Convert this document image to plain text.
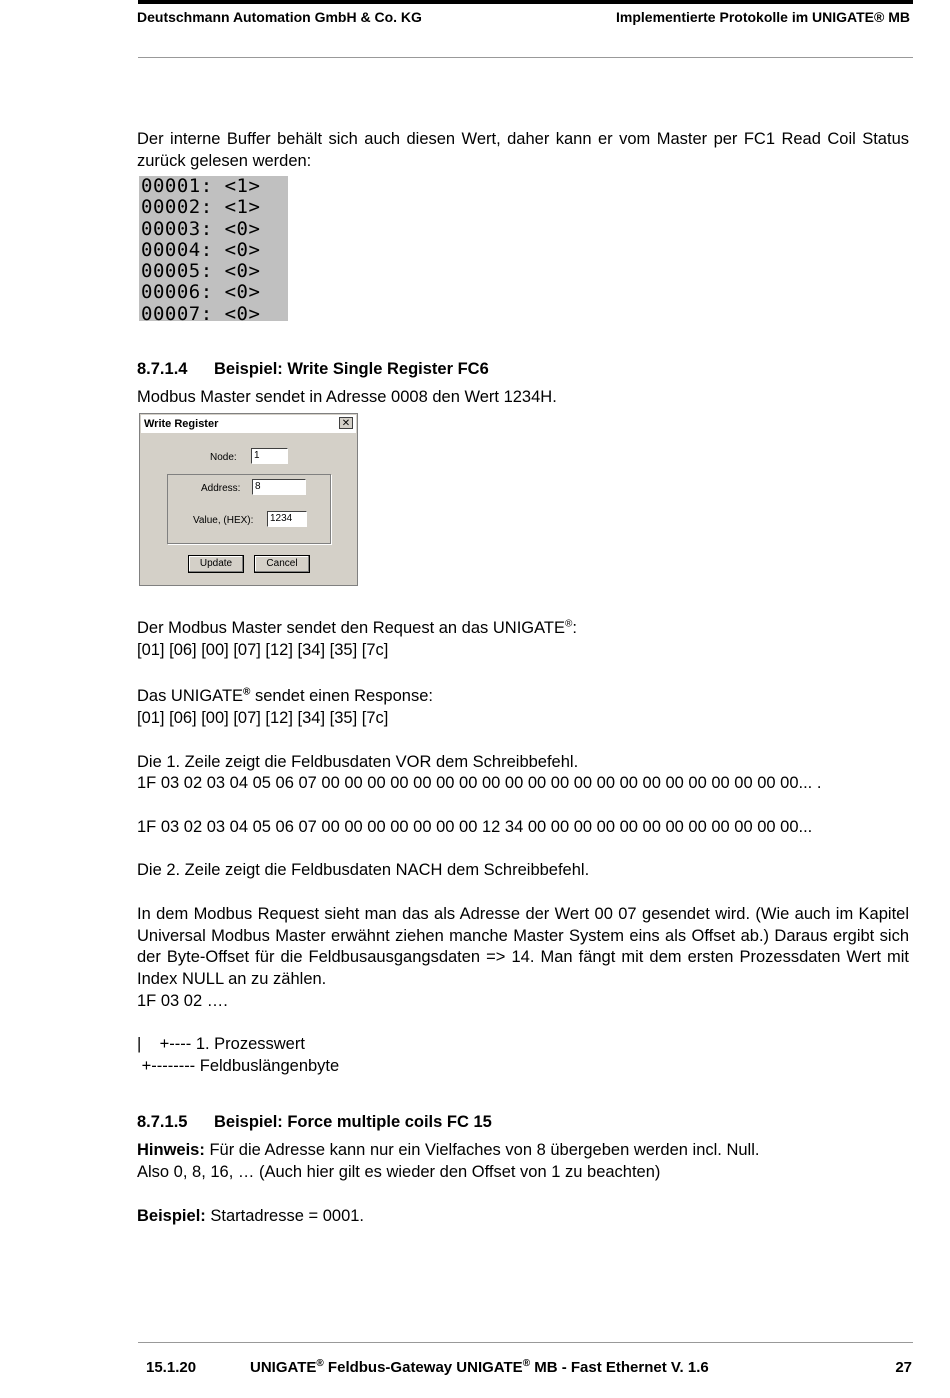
Deutschmann Automation GmbH & Co. KG	Implementierte Protokolle im UNIGATE® MB
Der interne Buffer behält sich auch diesen Wert, daher kann er vom Master per FC1 Read Coil Status zurück gelesen werden:
00001: <1>
00002: <1>
00003: <0>
00004: <0>
00005: <0>
00006: <0>
00007: <0>
8.7.1.4 Beispiel: Write Single Register FC6
Modbus Master sendet in Adresse 0008 den Wert 1234H.
Write Register	✕
Node:	1
Address:	8
Value, (HEX):	1234
Update	Cancel
Der Modbus Master sendet den Request an das UNIGATE®:
[01] [06] [00] [07] [12] [34] [35] [7c]
Das UNIGATE® sendet einen Response:
[01] [06] [00] [07] [12] [34] [35] [7c]
Die 1. Zeile zeigt die Feldbusdaten VOR dem Schreibbefehl.
1F 03 02 03 04 05 06 07 00 00 00 00 00 00 00 00 00 00 00 00 00 00 00 00 00 00 00 00 00... .
1F 03 02 03 04 05 06 07 00 00 00 00 00 00 00 12 34 00 00 00 00 00 00 00 00 00 00 00 00...
Die 2. Zeile zeigt die Feldbusdaten NACH dem Schreibbefehl.
In dem Modbus Request sieht man das als Adresse der Wert 00 07 gesendet wird. (Wie auch im Kapitel Universal Modbus Master erwähnt ziehen manche Master System eins als Offset ab.) Daraus ergibt sich der Byte-Offset für die Feldbusausgangsdaten => 14. Man fängt mit dem ersten Prozessdaten Wert mit Index NULL an zu zählen.
1F 03 02 ….
|    +---- 1. Prozesswert
+-------- Feldbuslängenbyte
8.7.1.5 Beispiel: Force multiple coils FC 15
Hinweis: Für die Adresse kann nur ein Vielfaches von 8 übergeben werden incl. Null.
Also 0, 8, 16, … (Auch hier gilt es wieder den Offset von 1 zu beachten)
Beispiel: Startadresse = 0001.
15.1.20	UNIGATE® Feldbus-Gateway UNIGATE® MB - Fast Ethernet V. 1.6	27
